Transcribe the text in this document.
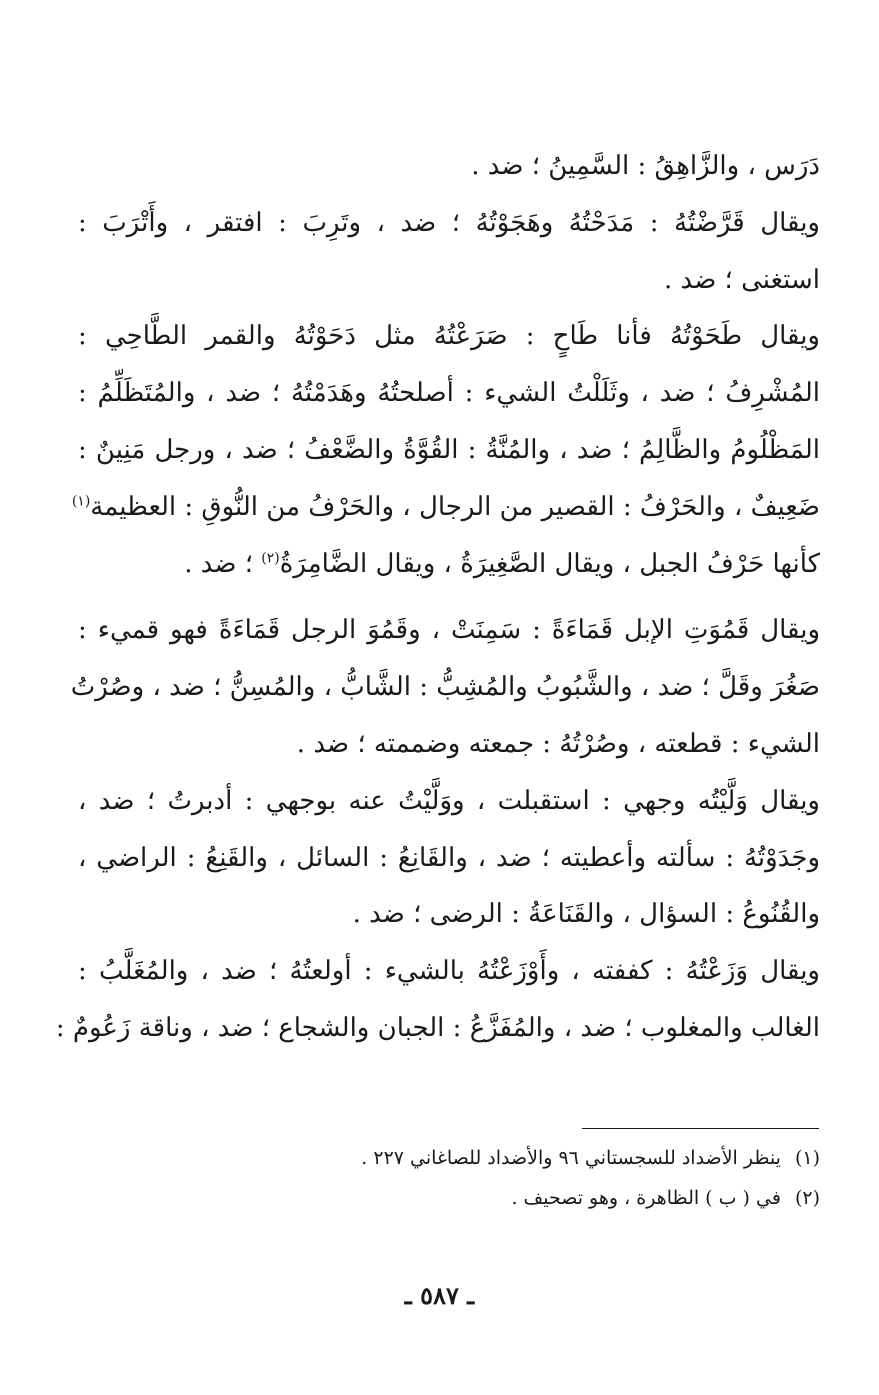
دَرَس ، والزَّاهِقُ : السَّمِينُ ؛ ضد .
ويقال قَرَّضْتُهُ : مَدَحْتُهُ وهَجَوْتُهُ ؛ ضد ، وتَرِبَ : افتقر ، وأَتْرَبَ :
استغنى ؛ ضد .
ويقال طَحَوْتُهُ فأنا طَاحٍ : صَرَعْتُهُ مثل دَحَوْتُهُ والقمر الطَّاحِي :
المُشْرِفُ ؛ ضد ، وثَلَلْتُ الشيء : أصلحتُهُ وهَدَمْتُهُ ؛ ضد ، والمُتَظَلِّمُ :
المَظْلُومُ والظَّالِمُ ؛ ضد ، والمُنَّةُ : القُوَّةُ والضَّعْفُ ؛ ضد ، ورجل مَنِينٌ :
ضَعِيفٌ ، والحَرْفُ : القصير من الرجال ، والحَرْفُ من النُّوقِ : العظيمة$^{(١)}$
كأنها حَرْفُ الجبل ، ويقال الصَّغِيرَةُ ، ويقال الضَّامِرَةُ$^{(٢)}$ ؛ ضد .
ويقال قَمُوَتِ الإبل قَمَاءَةً : سَمِنَتْ ، وقَمُوَ الرجل قَمَاءَةً فهو قميء :
صَغُرَ وقَلَّ ؛ ضد ، والشَّبُوبُ والمُشِبُّ : الشَّابُّ ، والمُسِنُّ ؛ ضد ، وصُرْتُ
الشيء : قطعته ، وصُرْتُهُ : جمعته وضممته ؛ ضد .
ويقال وَلَّيْتُه وجهي : استقبلت ، ووَلَّيْتُ عنه بوجهي : أدبرتُ ؛ ضد ،
وجَدَوْتُهُ : سألته وأعطيته ؛ ضد ، والقَانِعُ : السائل ، والقَنِعُ : الراضي ،
والقُنُوعُ : السؤال ، والقَنَاعَةُ : الرضى ؛ ضد .
ويقال وَزَعْتُهُ : كففته ، وأَوْزَعْتُهُ بالشيء : أولعتُهُ ؛ ضد ، والمُغَلَّبُ :
الغالب والمغلوب ؛ ضد ، والمُفَزَّعُ : الجبان والشجاع ؛ ضد ، وناقة زَعُومٌ :
(١)ينظر الأضداد للسجستاني ٩٦ والأضداد للصاغاني ٢٢٧ .
(٢)في ( ب ) الظاهرة ، وهو تصحيف .
ـ ٥٨٧ ـ
